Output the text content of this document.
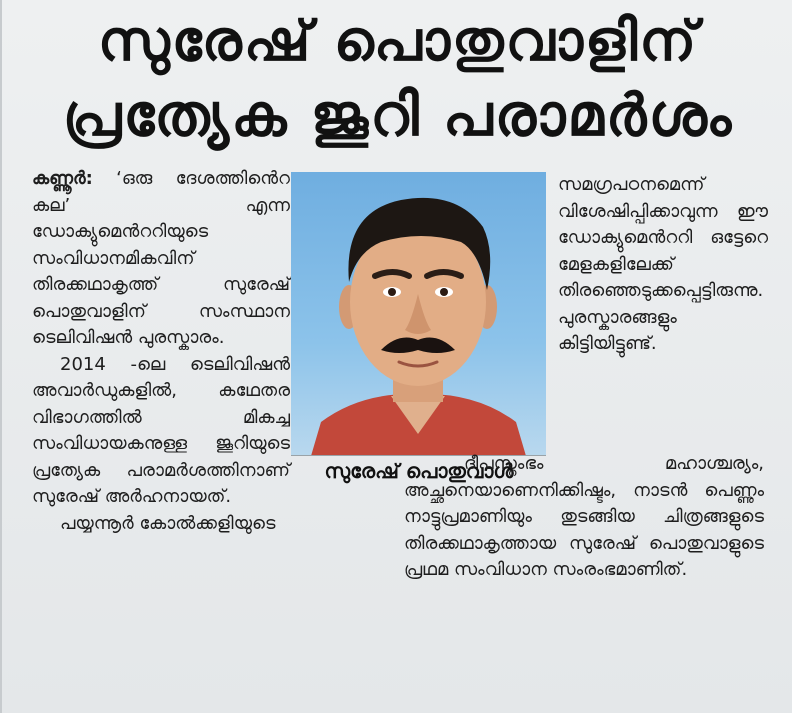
സുരേഷ് പൊതുവാളിന്
പ്രത്യേക ജൂറി പരാമർശം

കണ്ണൂർ: ‘ഒരു ദേശത്തിൻെറ കല’ എന്ന ഡോക്യുമെൻററിയുടെ സംവിധാനമികവിന് തിരക്കഥാകൃത്ത് സുരേഷ് പൊതുവാളിന് സംസ്ഥാന ടെലിവിഷൻ പുരസ്കാരം.

2014 -ലെ ടെലിവിഷൻ അവാർഡുകളിൽ, കഥേതര വിഭാഗത്തിൽ മികച്ച സംവിധായകനുള്ള ജൂറിയുടെ പ്രത്യേക പരാമർശത്തിനാണ് സുരേഷ് അർഹനായത്.

പയ്യന്നൂർ കോൽക്കളിയുടെ

സുരേഷ് പൊതുവാൾ

സമഗ്രപഠനമെന്ന് വിശേഷിപ്പിക്കാവുന്ന ഈ ഡോക്യുമെൻററി ഒട്ടേറെ മേളകളിലേക്ക് തിരഞ്ഞെടുക്കപ്പെട്ടിരുന്നു. പുരസ്കാരങ്ങളും കിട്ടിയിട്ടുണ്ട്.

ദീപസ്തംഭം മഹാശ്ചര്യം, അച്ഛനെയാണെനിക്കിഷ്ടം, നാടൻ പെണ്ണും നാട്ടുപ്രമാണിയും തുടങ്ങിയ ചിത്രങ്ങളുടെ തിരക്കഥാകൃത്തായ സുരേഷ് പൊതുവാളുടെ പ്രഥമ സംവിധാന സംരംഭമാണിത്.
